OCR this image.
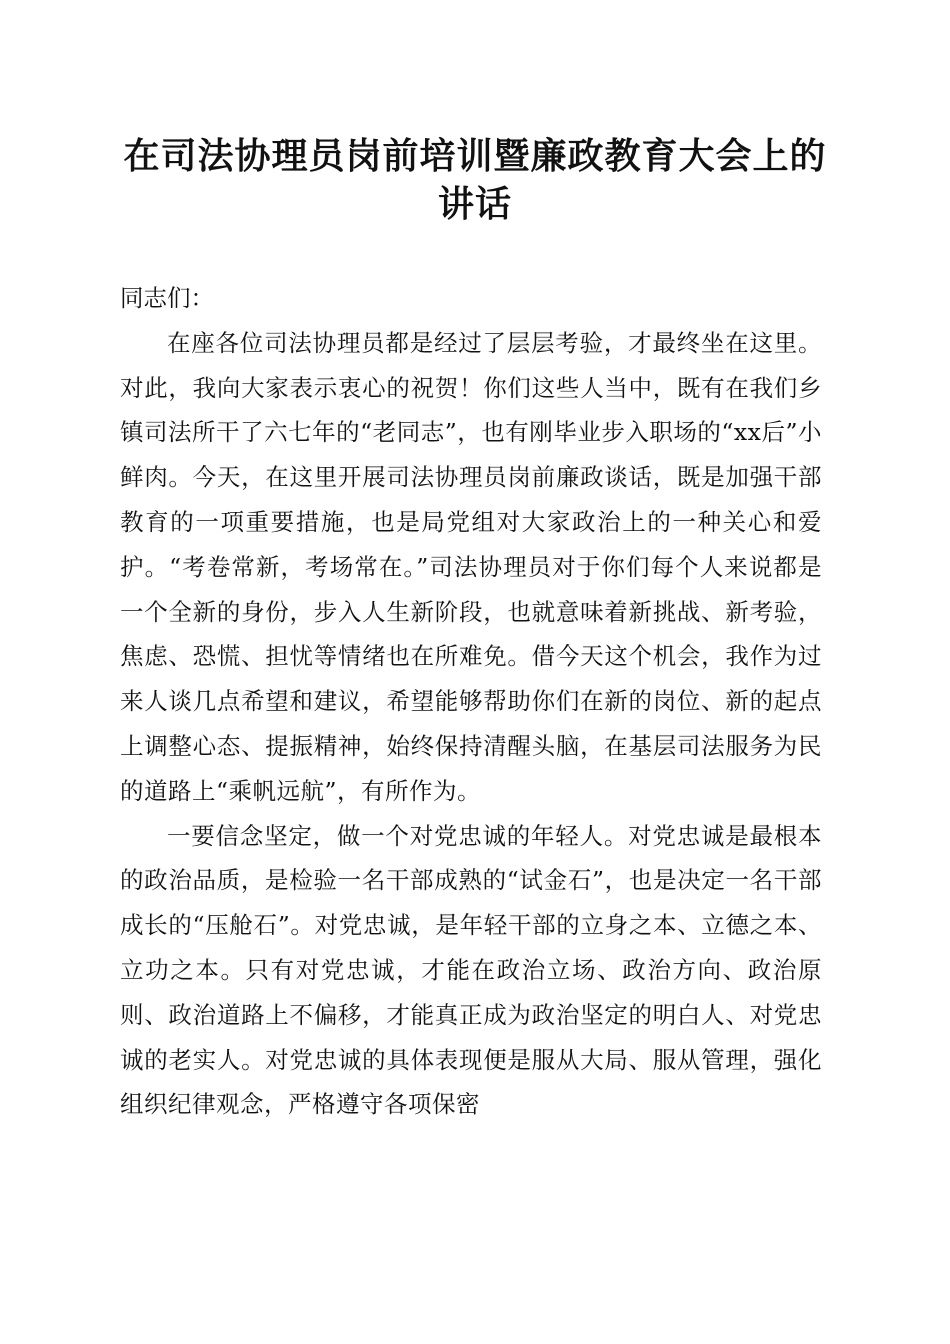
在司法协理员岗前培训暨廉政教育大会上的讲话

同志们：

在座各位司法协理员都是经过了层层考验，才最终坐在这里。对此，我向大家表示衷心的祝贺！你们这些人当中，既有在我们乡镇司法所干了六七年的“老同志”，也有刚毕业步入职场的“xx后”小鲜肉。今天，在这里开展司法协理员岗前廉政谈话，既是加强干部教育的一项重要措施，也是局党组对大家政治上的一种关心和爱护。“考卷常新，考场常在。”司法协理员对于你们每个人来说都是一个全新的身份，步入人生新阶段，也就意味着新挑战、新考验，焦虑、恐慌、担忧等情绪也在所难免。借今天这个机会，我作为过来人谈几点希望和建议，希望能够帮助你们在新的岗位、新的起点上调整心态、提振精神，始终保持清醒头脑，在基层司法服务为民的道路上“乘帆远航”，有所作为。

一要信念坚定，做一个对党忠诚的年轻人。对党忠诚是最根本的政治品质，是检验一名干部成熟的“试金石”，也是决定一名干部成长的“压舱石”。对党忠诚，是年轻干部的立身之本、立德之本、立功之本。只有对党忠诚，才能在政治立场、政治方向、政治原则、政治道路上不偏移，才能真正成为政治坚定的明白人、对党忠诚的老实人。对党忠诚的具体表现便是服从大局、服从管理，强化组织纪律观念，严格遵守各项保密
